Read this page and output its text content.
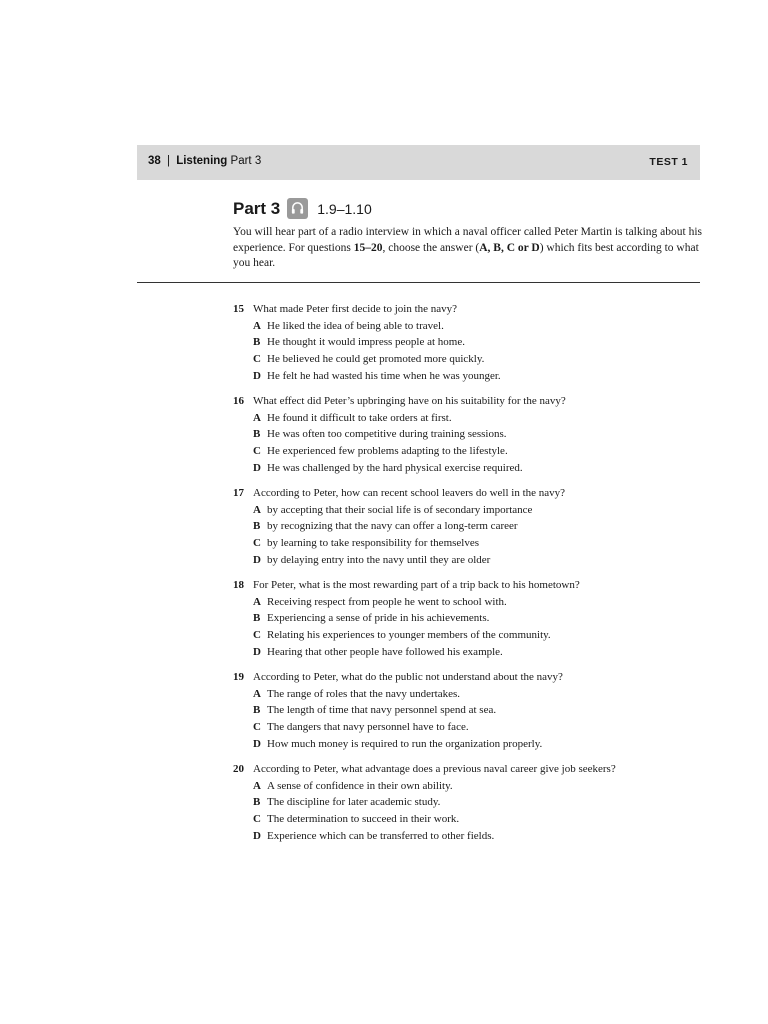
38 | Listening Part 3	TEST 1
Part 3	1.9–1.10
You will hear part of a radio interview in which a naval officer called Peter Martin is talking about his experience. For questions 15–20, choose the answer (A, B, C or D) which fits best according to what you hear.
15 What made Peter first decide to join the navy?
A He liked the idea of being able to travel.
B He thought it would impress people at home.
C He believed he could get promoted more quickly.
D He felt he had wasted his time when he was younger.
16 What effect did Peter’s upbringing have on his suitability for the navy?
A He found it difficult to take orders at first.
B He was often too competitive during training sessions.
C He experienced few problems adapting to the lifestyle.
D He was challenged by the hard physical exercise required.
17 According to Peter, how can recent school leavers do well in the navy?
A by accepting that their social life is of secondary importance
B by recognizing that the navy can offer a long-term career
C by learning to take responsibility for themselves
D by delaying entry into the navy until they are older
18 For Peter, what is the most rewarding part of a trip back to his hometown?
A Receiving respect from people he went to school with.
B Experiencing a sense of pride in his achievements.
C Relating his experiences to younger members of the community.
D Hearing that other people have followed his example.
19 According to Peter, what do the public not understand about the navy?
A The range of roles that the navy undertakes.
B The length of time that navy personnel spend at sea.
C The dangers that navy personnel have to face.
D How much money is required to run the organization properly.
20 According to Peter, what advantage does a previous naval career give job seekers?
A A sense of confidence in their own ability.
B The discipline for later academic study.
C The determination to succeed in their work.
D Experience which can be transferred to other fields.
